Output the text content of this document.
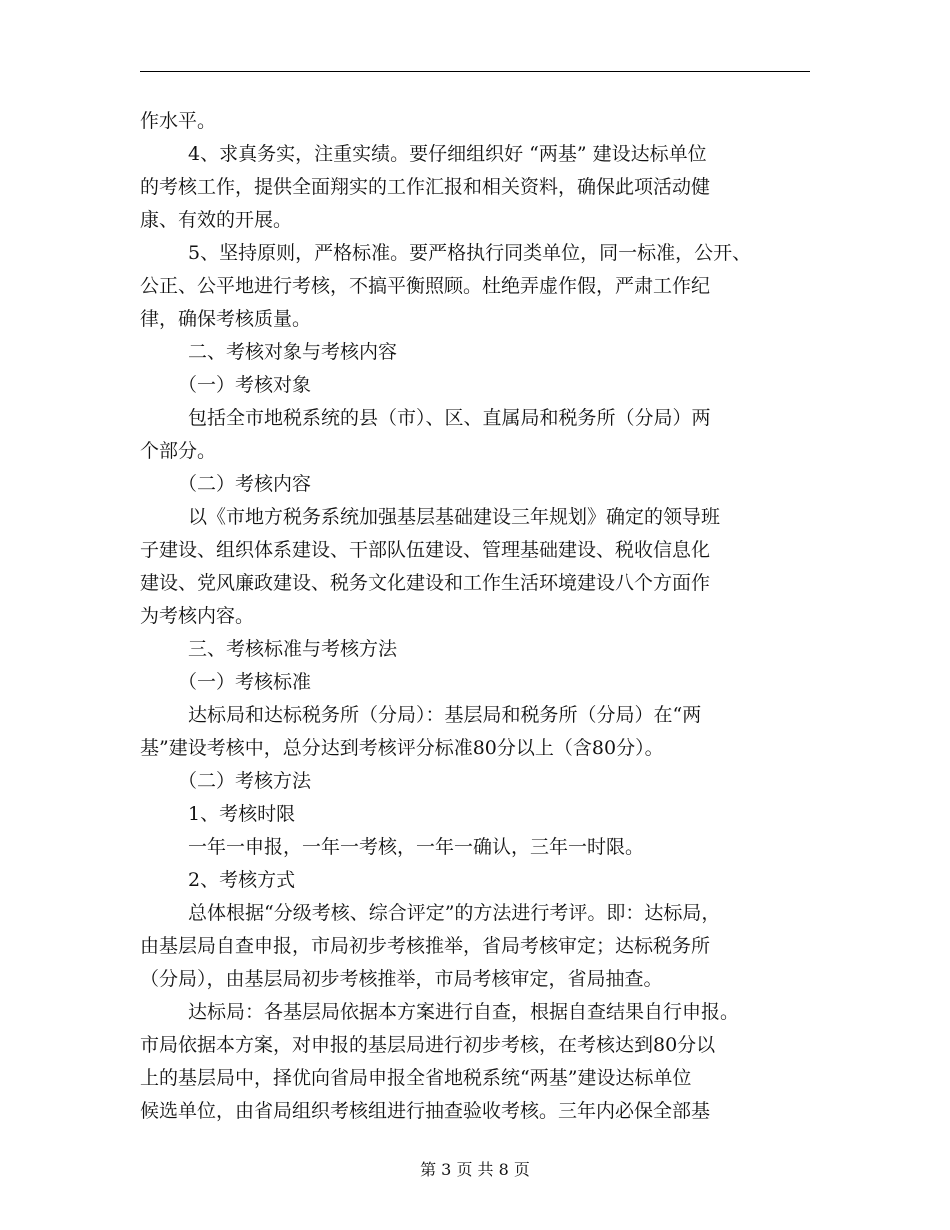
作水平。
4、求真务实，注重实绩。要仔细组织好 “两基” 建设达标单位
的考核工作，提供全面翔实的工作汇报和相关资料，确保此项活动健
康、有效的开展。
5、坚持原则，严格标准。要严格执行同类单位，同一标准，公开、
公正、公平地进行考核，不搞平衡照顾。杜绝弄虚作假，严肃工作纪
律，确保考核质量。
二、考核对象与考核内容
（一）考核对象
包括全市地税系统的县（市）、区、直属局和税务所（分局）两
个部分。
（二）考核内容
以《市地方税务系统加强基层基础建设三年规划》确定的领导班
子建设、组织体系建设、干部队伍建设、管理基础建设、税收信息化
建设、党风廉政建设、税务文化建设和工作生活环境建设八个方面作
为考核内容。
三、考核标准与考核方法
（一）考核标准
达标局和达标税务所（分局）：基层局和税务所（分局）在“两
基”建设考核中，总分达到考核评分标准80分以上（含80分）。
（二）考核方法
1、考核时限
一年一申报，一年一考核，一年一确认，三年一时限。
2、考核方式
总体根据“分级考核、综合评定”的方法进行考评。即：达标局，
由基层局自查申报，市局初步考核推举，省局考核审定；达标税务所
（分局），由基层局初步考核推举，市局考核审定，省局抽查。
达标局：各基层局依据本方案进行自查，根据自查结果自行申报。
市局依据本方案，对申报的基层局进行初步考核，在考核达到80分以
上的基层局中，择优向省局申报全省地税系统“两基”建设达标单位
候选单位，由省局组织考核组进行抽查验收考核。三年内必保全部基
第 3 页 共 8 页
